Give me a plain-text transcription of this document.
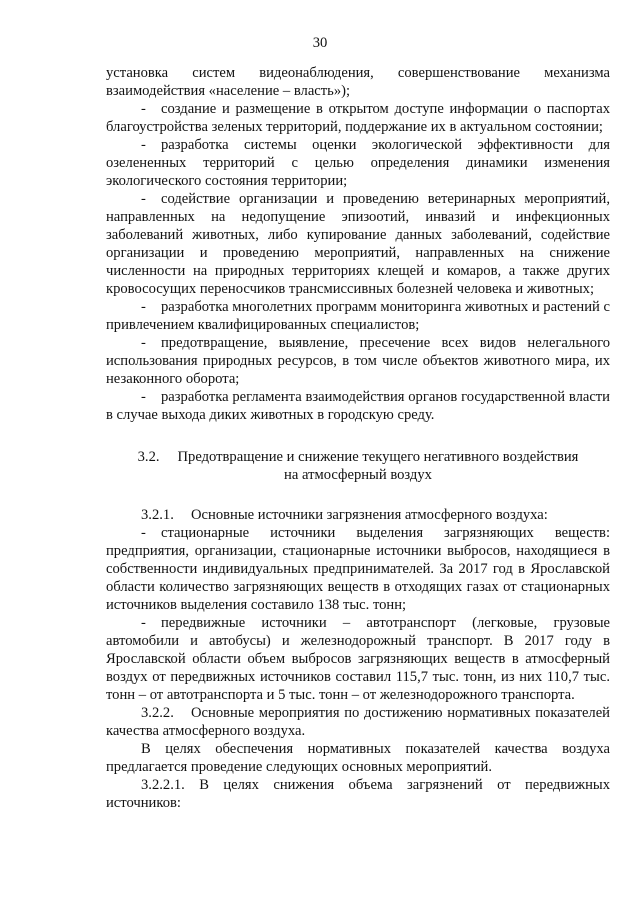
30

установка систем видеонаблюдения, совершенствование механизма взаимодействия «население – власть»);

- создание и размещение в открытом доступе информации о паспортах благоустройства зеленых территорий, поддержание их в актуальном состоянии;

- разработка системы оценки экологической эффективности для озелененных территорий с целью определения динамики изменения экологического состояния территории;

- содействие организации и проведению ветеринарных мероприятий, направленных на недопущение эпизоотий, инвазий и инфекционных заболеваний животных, либо купирование данных заболеваний, содействие организации и проведению мероприятий, направленных на снижение численности на природных территориях клещей и комаров, а также других кровососущих переносчиков трансмиссивных болезней человека и животных;

- разработка многолетних программ мониторинга животных и растений с привлечением квалифицированных специалистов;

- предотвращение, выявление, пресечение всех видов нелегального использования природных ресурсов, в том числе объектов животного мира, их незаконного оборота;

- разработка регламента взаимодействия органов государственной власти в случае выхода диких животных в городскую среду.

3.2. Предотвращение и снижение текущего негативного воздействия
на атмосферный воздух

3.2.1. Основные источники загрязнения атмосферного воздуха:

- стационарные источники выделения загрязняющих веществ: предприятия, организации, стационарные источники выбросов, находящиеся в собственности индивидуальных предпринимателей. За 2017 год в Ярославской области количество загрязняющих веществ в отходящих газах от стационарных источников выделения составило 138 тыс. тонн;

- передвижные источники – автотранспорт (легковые, грузовые автомобили и автобусы) и железнодорожный транспорт. В 2017 году в Ярославской области объем выбросов загрязняющих веществ в атмосферный воздух от передвижных источников составил 115,7 тыс. тонн, из них 110,7 тыс. тонн – от автотранспорта и 5 тыс. тонн – от железнодорожного транспорта.

3.2.2. Основные мероприятия по достижению нормативных показателей качества атмосферного воздуха.

В целях обеспечения нормативных показателей качества воздуха предлагается проведение следующих основных мероприятий.

3.2.2.1. В целях снижения объема загрязнений от передвижных источников:
